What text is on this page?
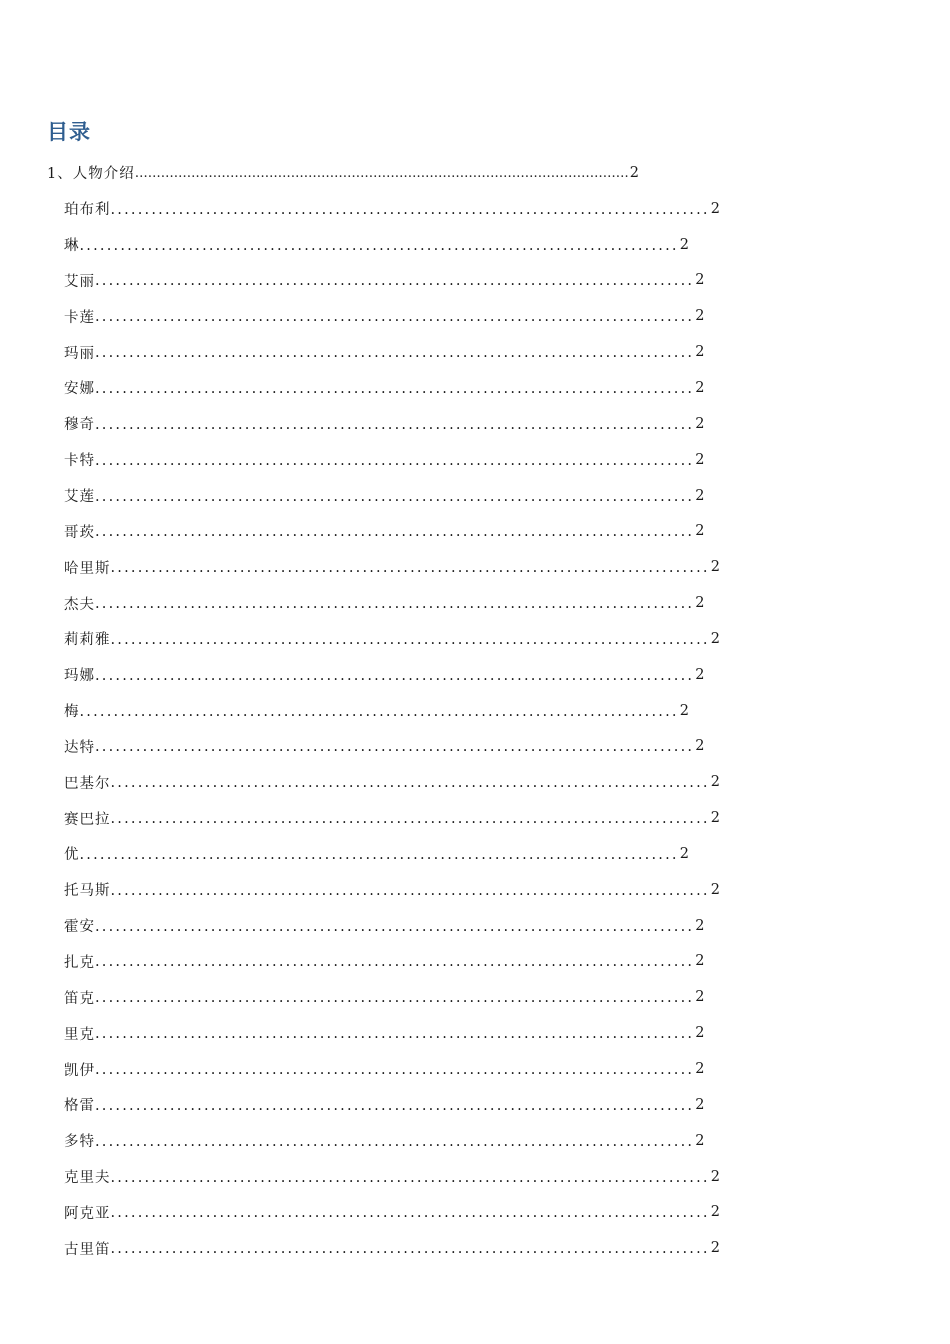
目录
1、人物介绍 …………………………………………………………………………………………………… 2
珀布利 ........................................................................................ 2
琳 ........................................................................................ 2
艾丽 ........................................................................................ 2
卡莲 ........................................................................................ 2
玛丽 ........................................................................................ 2
安娜 ........................................................................................ 2
穆奇 ........................................................................................ 2
卡特 ........................................................................................ 2
艾莲 ........................................................................................ 2
哥莰 ........................................................................................ 2
哈里斯 ........................................................................................ 2
杰夫 ........................................................................................ 2
莉莉雅 ........................................................................................ 2
玛娜 ........................................................................................ 2
梅 ........................................................................................ 2
达特 ........................................................................................ 2
巴基尔 ........................................................................................ 2
赛巴拉 ........................................................................................ 2
优 ........................................................................................ 2
托马斯 ........................................................................................ 2
霍安 ........................................................................................ 2
扎克 ........................................................................................ 2
笛克 ........................................................................................ 2
里克 ........................................................................................ 2
凯伊 ........................................................................................ 2
格雷 ........................................................................................ 2
多特 ........................................................................................ 2
克里夫 ........................................................................................ 2
阿克亚 ........................................................................................ 2
古里笛 ........................................................................................ 2
